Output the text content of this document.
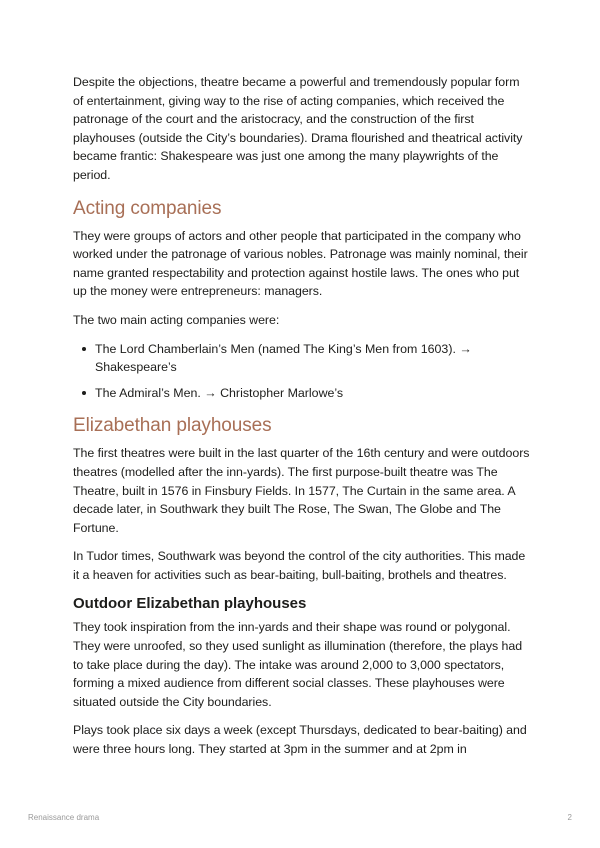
Despite the objections, theatre became a powerful and tremendously popular form of entertainment, giving way to the rise of acting companies, which received the patronage of the court and the aristocracy, and the construction of the first playhouses (outside the City’s boundaries). Drama flourished and theatrical activity became frantic: Shakespeare was just one among the many playwrights of the period.

Acting companies

They were groups of actors and other people that participated in the company who worked under the patronage of various nobles. Patronage was mainly nominal, their name granted respectability and protection against hostile laws. The ones who put up the money were entrepreneurs: managers.

The two main acting companies were:

The Lord Chamberlain’s Men (named The King’s Men from 1603). → Shakespeare’s
The Admiral’s Men. → Christopher Marlowe’s
Elizabethan playhouses

The first theatres were built in the last quarter of the 16th century and were outdoors theatres (modelled after the inn-yards). The first purpose-built theatre was The Theatre, built in 1576 in Finsbury Fields. In 1577, The Curtain in the same area. A decade later, in Southwark they built The Rose, The Swan, The Globe and The Fortune.

In Tudor times, Southwark was beyond the control of the city authorities. This made it a heaven for activities such as bear-baiting, bull-baiting, brothels and theatres.

Outdoor Elizabethan playhouses

They took inspiration from the inn-yards and their shape was round or polygonal. They were unroofed, so they used sunlight as illumination (therefore, the plays had to take place during the day). The intake was around 2,000 to 3,000 spectators, forming a mixed audience from different social classes. These playhouses were situated outside the City boundaries.

Plays took place six days a week (except Thursdays, dedicated to bear-baiting) and were three hours long. They started at 3pm in the summer and at 2pm in

Renaissance drama	2
